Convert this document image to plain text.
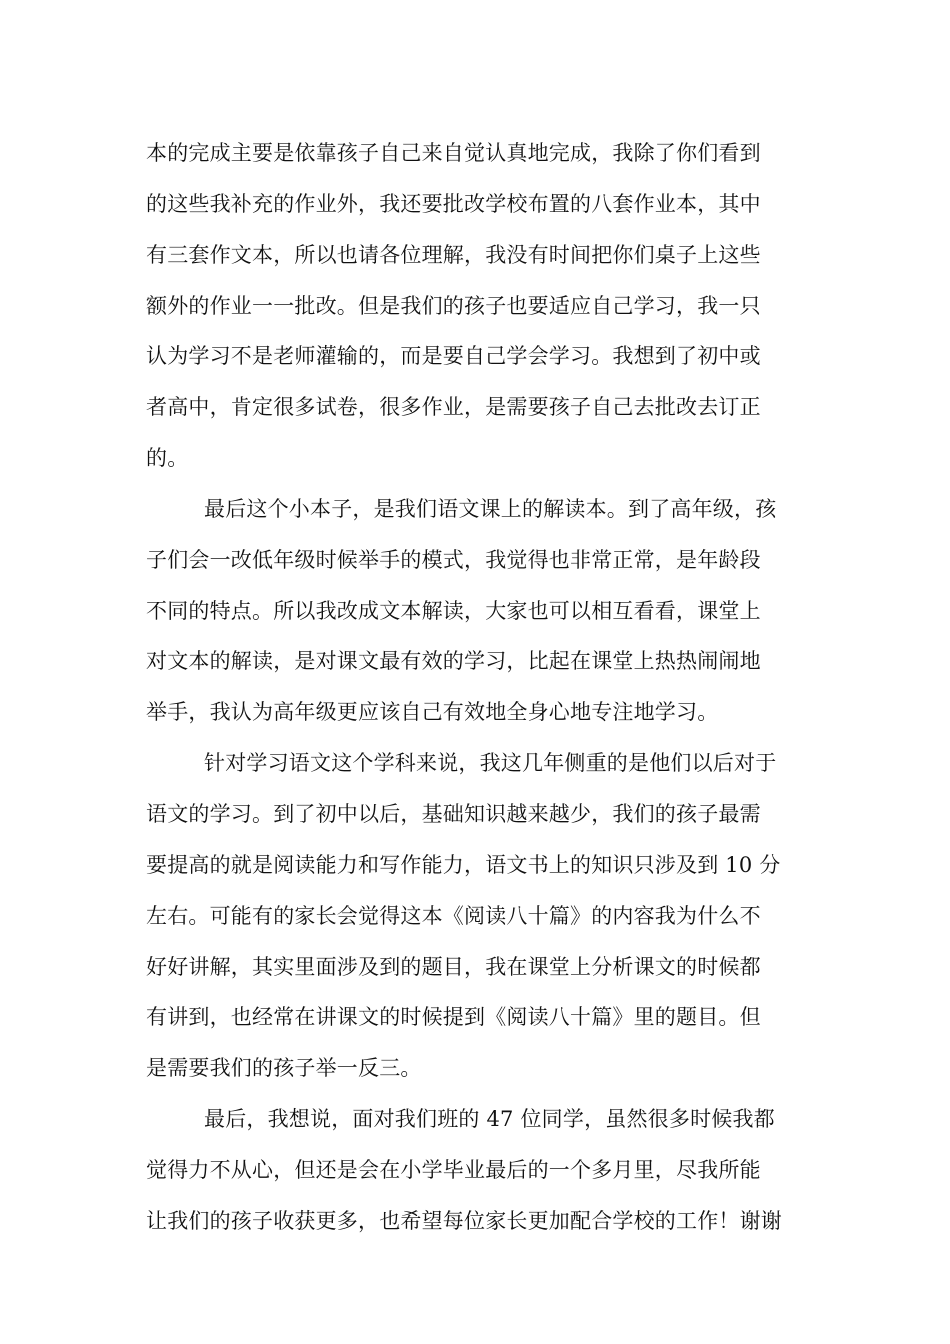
本的完成主要是依靠孩子自己来自觉认真地完成，我除了你们看到
的这些我补充的作业外，我还要批改学校布置的八套作业本，其中
有三套作文本，所以也请各位理解，我没有时间把你们桌子上这些
额外的作业一一批改。但是我们的孩子也要适应自己学习，我一只
认为学习不是老师灌输的，而是要自己学会学习。我想到了初中或
者高中，肯定很多试卷，很多作业，是需要孩子自己去批改去订正
的。
最后这个小本子，是我们语文课上的解读本。到了高年级，孩
子们会一改低年级时候举手的模式，我觉得也非常正常，是年龄段
不同的特点。所以我改成文本解读，大家也可以相互看看，课堂上
对文本的解读，是对课文最有效的学习，比起在课堂上热热闹闹地
举手，我认为高年级更应该自己有效地全身心地专注地学习。
针对学习语文这个学科来说，我这几年侧重的是他们以后对于
语文的学习。到了初中以后，基础知识越来越少，我们的孩子最需
要提高的就是阅读能力和写作能力，语文书上的知识只涉及到 10 分
左右。可能有的家长会觉得这本《阅读八十篇》的内容我为什么不
好好讲解，其实里面涉及到的题目，我在课堂上分析课文的时候都
有讲到，也经常在讲课文的时候提到《阅读八十篇》里的题目。但
是需要我们的孩子举一反三。
最后，我想说，面对我们班的 47 位同学，虽然很多时候我都
觉得力不从心，但还是会在小学毕业最后的一个多月里，尽我所能
让我们的孩子收获更多，也希望每位家长更加配合学校的工作！谢谢
